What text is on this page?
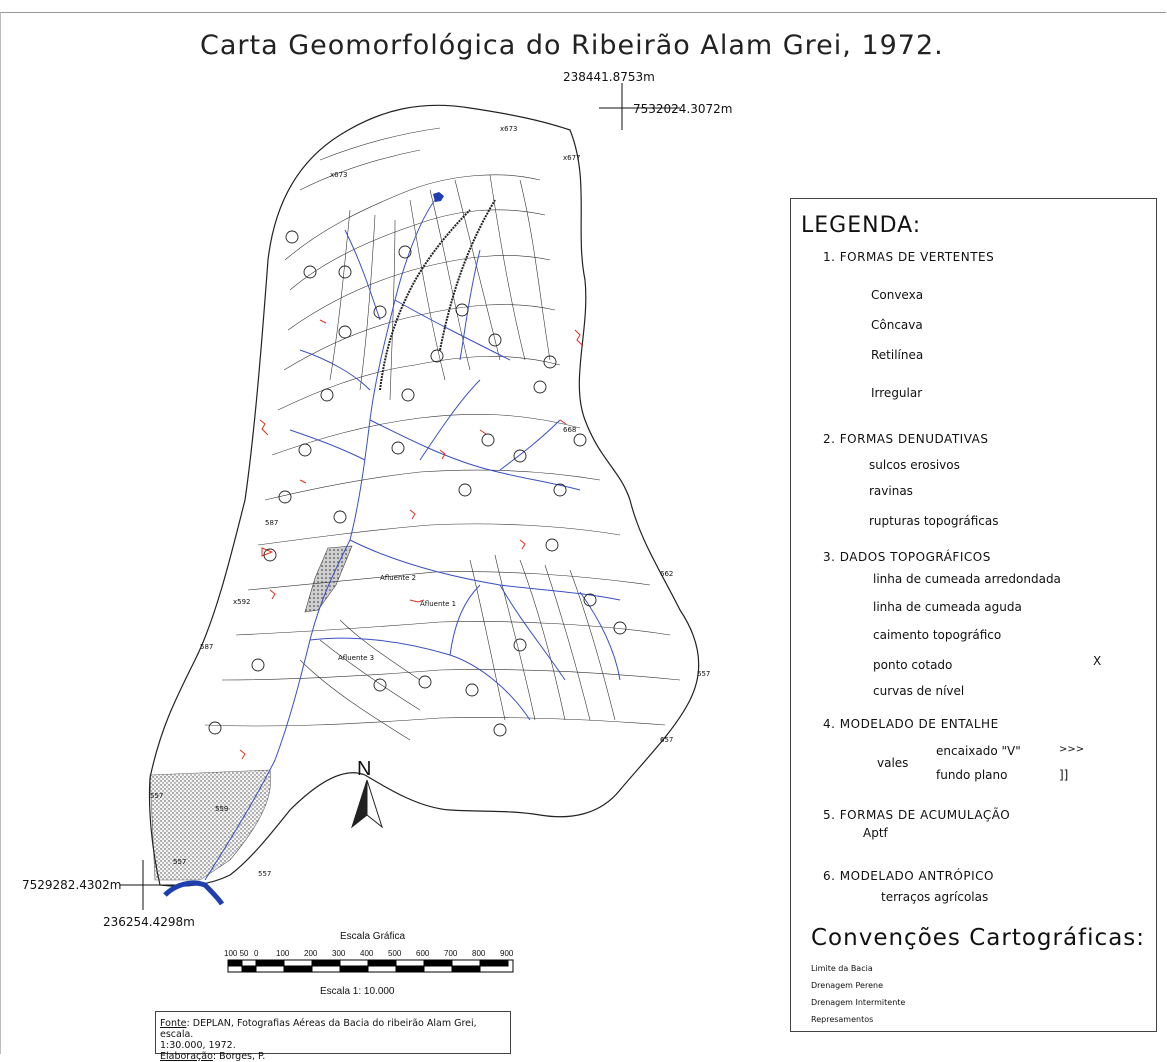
Carta Geomorfológica do Ribeirão Alam Grei, 1972.
238441.8753m
7532024.3072m
7529282.4302m
236254.4298m
x673
x677
668
x673
587
x592
587
662
657
657
557
559
557
557
Afluente 2
Afluente 3
Afluente 1
N
LEGENDA:
1. FORMAS DE VERTENTES
Convexa
Côncava
Retilínea
Irregular
2. FORMAS DENUDATIVAS
sulcos erosivos
ravinas
rupturas topográficas
3. DADOS TOPOGRÁFICOS
linha de cumeada arredondada
linha de cumeada aguda
caimento topográfico
ponto cotado	X
curvas de nível
4. MODELADO DE ENTALHE
vales
encaixado "V"
fundo plano
>>>
]]
5. FORMAS DE ACUMULAÇÃO
Aptf
6. MODELADO ANTRÓPICO
terraços agrícolas
Convenções Cartográficas:
Limite da Bacia
Drenagem Perene
Drenagem Intermitente
Represamentos
Escala Gráfica
100 50 0 100 200 300 400 500 600 700 800 900
Escala 1: 10.000
Fonte: DEPLAN, Fotografias Aéreas da Bacia do ribeirão Alam Grei, escala.
1:30.000, 1972.
Elaboração: Borges, P.
